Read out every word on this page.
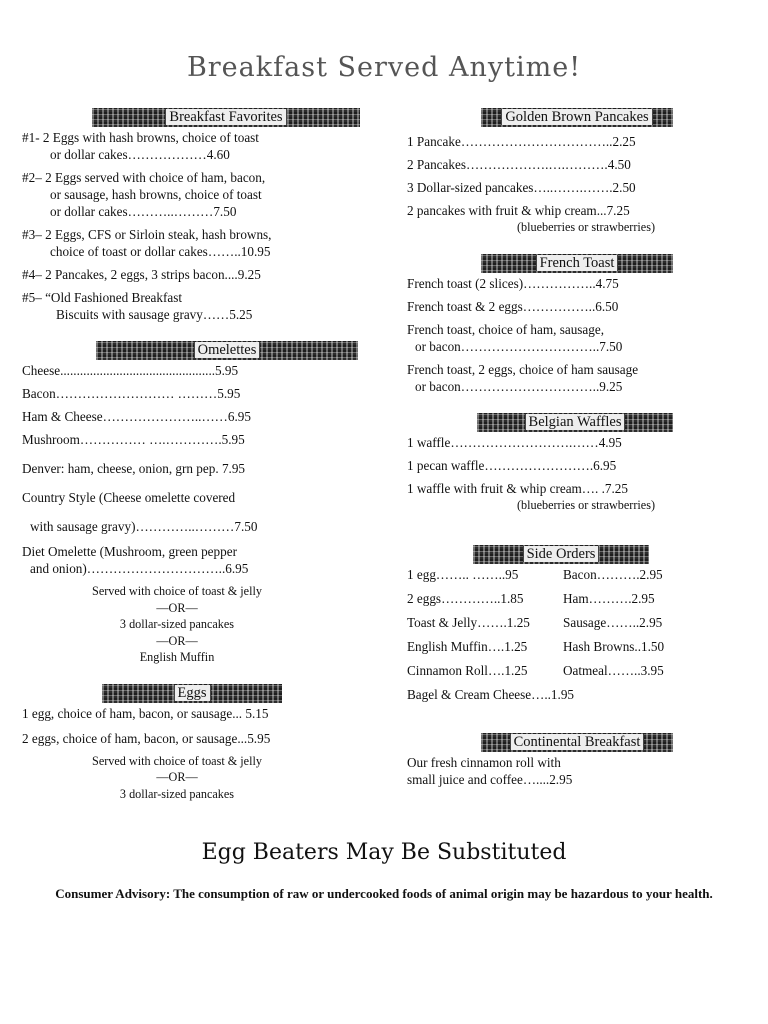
Breakfast Served Anytime!
Breakfast Favorites
#1- 2 Eggs with hash browns, choice of toast
or dollar cakes………………4.60
#2– 2 Eggs served with choice of ham, bacon,
or sausage, hash browns, choice of toast
or dollar cakes………..………7.50
#3– 2 Eggs, CFS or Sirloin steak, hash browns,
choice of toast or dollar cakes……..10.95
#4– 2 Pancakes, 2 eggs, 3 strips bacon....9.25
#5– “Old Fashioned Breakfast
Biscuits with sausage gravy……5.25
Omelettes
Cheese...............................................5.95
Bacon……………………… ………5.95
Ham & Cheese…………………..……6.95
Mushroom…………… ….………….5.95
Denver: ham, cheese, onion, grn pep. 7.95
Country Style (Cheese omelette covered
with sausage gravy)…………..………7.50
Diet Omelette (Mushroom, green pepper
and onion)…………………………..6.95
Served with choice of toast & jelly
—OR—
3 dollar-sized pancakes
—OR—
English Muffin
Eggs
1 egg, choice of ham, bacon, or sausage... 5.15
2 eggs, choice of ham, bacon, or sausage...5.95
Served with choice of toast & jelly
—OR—
3 dollar-sized pancakes
Golden Brown Pancakes
1 Pancake……………………………..2.25
2 Pancakes……………….….……….4.50
3 Dollar-sized pancakes…..…….…….2.50
2 pancakes with fruit & whip cream...7.25
(blueberries or strawberries)
French Toast
French toast (2 slices)……………..4.75
French toast & 2 eggs……………..6.50
French toast, choice of ham, sausage,
or bacon…………………………..7.50
French toast, 2 eggs, choice of ham sausage
or bacon…………………………..9.25
Belgian Waffles
1 waffle……………………….……4.95
1 pecan waffle…………………….6.95
1 waffle with fruit & whip cream…. .7.25
(blueberries or strawberries)
Side Orders
1 egg…….. ……..95	Bacon……….2.95
2 eggs…………..1.85	Ham……….2.95
Toast & Jelly…….1.25	Sausage……..2.95
English Muffin….1.25	Hash Browns..1.50
Cinnamon Roll….1.25	Oatmeal……..3.95
Bagel & Cream Cheese…..1.95
Continental Breakfast
Our fresh cinnamon roll with
small juice and coffee…....2.95
Egg Beaters May Be Substituted
Consumer Advisory: The consumption of raw or undercooked foods of animal origin may be hazardous to your health.
